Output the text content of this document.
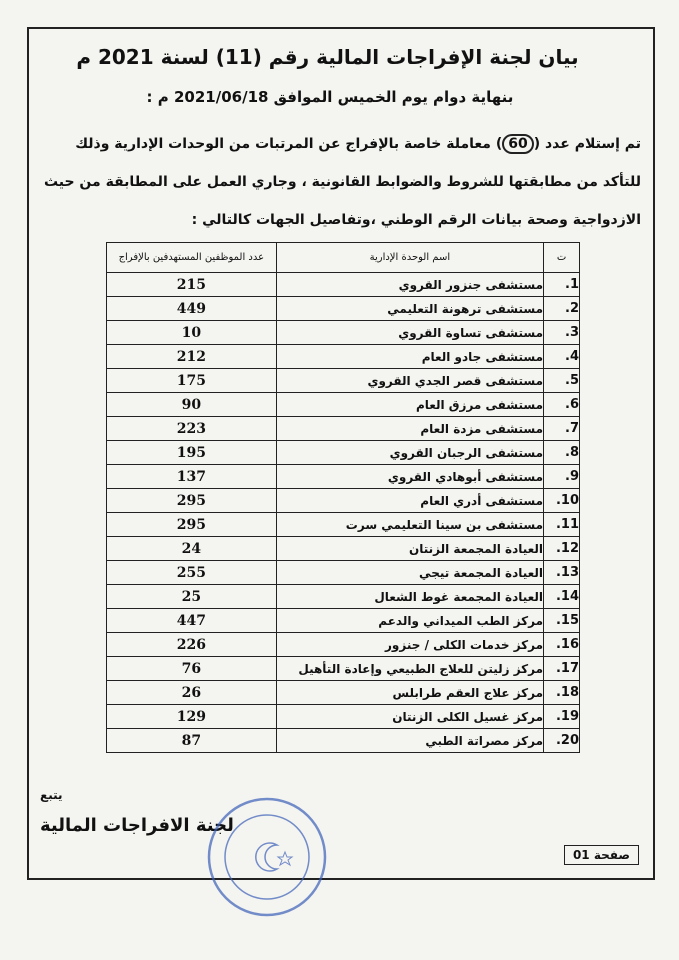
بيان لجنة الإفراجات المالية رقم (11) لسنة 2021 م
بنهاية دوام يوم الخميس الموافق 2021/06/18 م :
تم إستلام عدد (60) معاملة خاصة بالإفراج عن المرتبات من الوحدات الإدارية وذلك للتأكد من مطابقتها للشروط والضوابط القانونية ، وجاري العمل على المطابقة من حيث الازدواجية وصحة بيانات الرقم الوطني ،وتفاصيل الجهات كالتالي :
ت	اسم الوحدة الإدارية	عدد الموظفين المستهدفين بالإفراج
1.	مستشفى جنزور القروي	215
2.	مستشفى ترهونة التعليمي	449
3.	مستشفى تساوة القروي	10
4.	مستشفى جادو العام	212
5.	مستشفى قصر الجدي القروي	175
6.	مستشفى مرزق العام	90
7.	مستشفى مزدة العام	223
8.	مستشفى الرجبان القروي	195
9.	مستشفى أبوهادي القروي	137
10.	مستشفى أدري العام	295
11.	مستشفى بن سينا التعليمي سرت	295
12.	العيادة المجمعة الزنتان	24
13.	العيادة المجمعة تيجي	255
14.	العيادة المجمعة غوط الشعال	25
15.	مركز الطب الميداني والدعم	447
16.	مركز خدمات الكلى / جنزور	226
17.	مركز زليتن للعلاج الطبيعي وإعادة التأهيل	76
18.	مركز علاج العقم طرابلس	26
19.	مركز غسيل الكلى الزنتان	129
20.	مركز مصراتة الطبي	87
يتبع
لجنة الافراجات المالية
صفحة 01
